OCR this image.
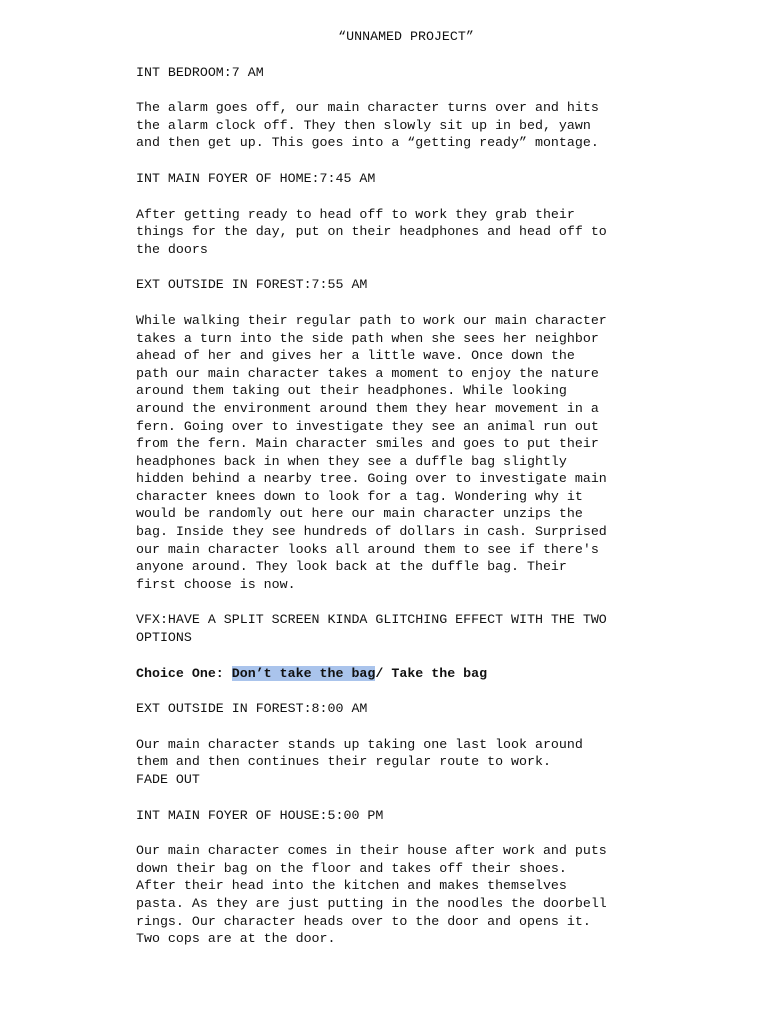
“UNNAMED PROJECT”
INT BEDROOM:7 AM
The alarm goes off, our main character turns over and hits
the alarm clock off. They then slowly sit up in bed, yawn
and then get up. This goes into a “getting ready” montage.
INT MAIN FOYER OF HOME:7:45 AM
After getting ready to head off to work they grab their
things for the day, put on their headphones and head off to
the doors
EXT OUTSIDE IN FOREST:7:55 AM
While walking their regular path to work our main character
takes a turn into the side path when she sees her neighbor
ahead of her and gives her a little wave. Once down the
path our main character takes a moment to enjoy the nature
around them taking out their headphones. While looking
around the environment around them they hear movement in a
fern. Going over to investigate they see an animal run out
from the fern. Main character smiles and goes to put their
headphones back in when they see a duffle bag slightly
hidden behind a nearby tree. Going over to investigate main
character knees down to look for a tag. Wondering why it
would be randomly out here our main character unzips the
bag. Inside they see hundreds of dollars in cash. Surprised
our main character looks all around them to see if there's
anyone around. They look back at the duffle bag. Their
first choose is now.
VFX:HAVE A SPLIT SCREEN KINDA GLITCHING EFFECT WITH THE TWO
OPTIONS
Choice One: Don’t take the bag/ Take the bag
EXT OUTSIDE IN FOREST:8:00 AM
Our main character stands up taking one last look around
them and then continues their regular route to work.
FADE OUT
INT MAIN FOYER OF HOUSE:5:00 PM
Our main character comes in their house after work and puts
down their bag on the floor and takes off their shoes.
After their head into the kitchen and makes themselves
pasta. As they are just putting in the noodles the doorbell
rings. Our character heads over to the door and opens it.
Two cops are at the door.
